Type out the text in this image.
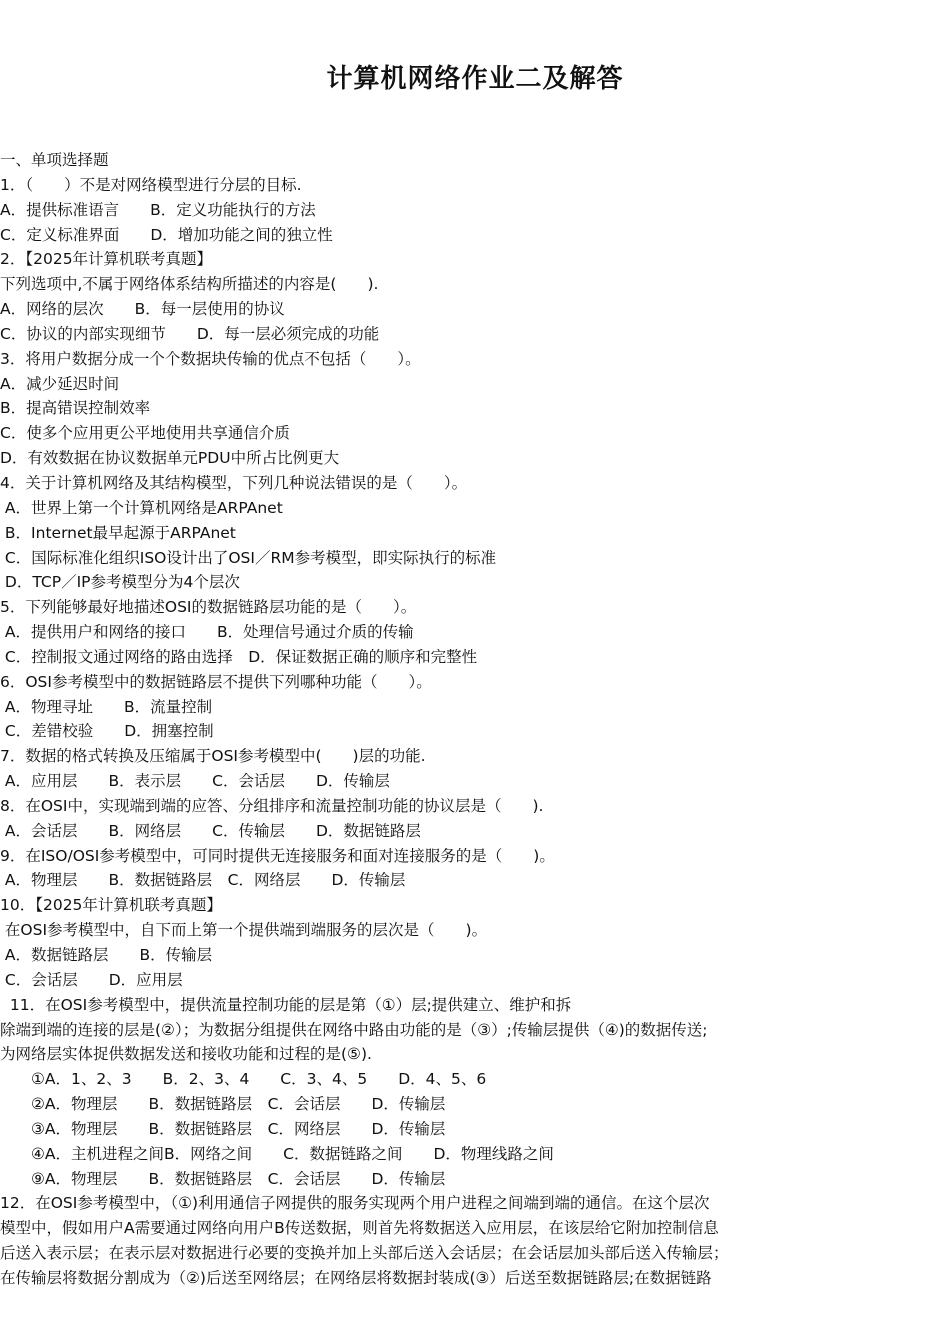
计算机网络作业二及解答
一、单项选择题
1．（　　）不是对网络模型进行分层的目标.
A．提供标准语言　　B．定义功能执行的方法
C．定义标准界面　　D．增加功能之间的独立性
2．【2025年计算机联考真题】
下列选项中,不属于网络体系结构所描述的内容是(　　).
A．网络的层次　　B．每一层使用的协议
C．协议的内部实现细节　　D．每一层必须完成的功能
3．将用户数据分成一个个数据块传输的优点不包括（　　）。
A．减少延迟时间
B．提高错误控制效率
C．使多个应用更公平地使用共享通信介质
D．有效数据在协议数据单元PDU中所占比例更大
4．关于计算机网络及其结构模型，下列几种说法错误的是（　　）。
A．世界上第一个计算机网络是ARPAnet
B．Internet最早起源于ARPAnet
C．国际标准化组织ISO设计出了OSI／RM参考模型，即实际执行的标准
D．TCP／IP参考模型分为4个层次
5．下列能够最好地描述OSI的数据链路层功能的是（　　）。
A．提供用户和网络的接口　　B．处理信号通过介质的传输
C．控制报文通过网络的路由选择　D．保证数据正确的顺序和完整性
6．OSI参考模型中的数据链路层不提供下列哪种功能（　　）。
A．物理寻址　　B．流量控制
C．差错校验　　D．拥塞控制
7．数据的格式转换及压缩属于OSI参考模型中(　　)层的功能.
A．应用层　　B．表示层　　C．会话层　　D．传输层
8．在OSI中，实现端到端的应答、分组排序和流量控制功能的协议层是（　　).
A．会话层　　B．网络层　　C．传输层　　D．数据链路层
9．在ISO/OSI参考模型中，可同时提供无连接服务和面对连接服务的是（　　)。
A．物理层　　B．数据链路层　C．网络层　　D．传输层
10．【2025年计算机联考真题】
在OSI参考模型中，自下而上第一个提供端到端服务的层次是（　　)。
A．数据链路层　　B．传输层
C．会话层　　D．应用层
11．在OSI参考模型中，提供流量控制功能的层是第（①）层;提供建立、维护和拆
除端到端的连接的层是(②）；为数据分组提供在网络中路由功能的是（③）;传输层提供（④)的数据传送;
为网络层实体捉供数据发送和接收功能和过程的是(⑤).
　　①A．1、2、3　　B．2、3、4　　C．3、4、5　　D．4、5、6
　　②A．物理层　　B．数据链路层　C．会话层　　D．传输层
　　③A．物理层　　B．数据链路层　C．网络层　　D．传输层
　　④A．主机进程之间B．网络之间　　C．数据链路之间　　D．物理线路之间
　　⑨A．物理层　　B．数据链路层　C．会话层　　D．传输层
12．在OSI参考模型中，（①)利用通信子网提供的服务实现两个用户进程之间端到端的通信。在这个层次
模型中，假如用户A需要通过网络向用户B传送数据，则首先将数据送入应用层，在该层给它附加控制信息
后送入表示层；在表示层对数据进行必要的变换并加上头部后送入会话层；在会话层加头部后送入传输层；
在传输层将数据分割成为（②)后送至网络层；在网络层将数据封装成(③）后送至数据链路层;在数据链路
